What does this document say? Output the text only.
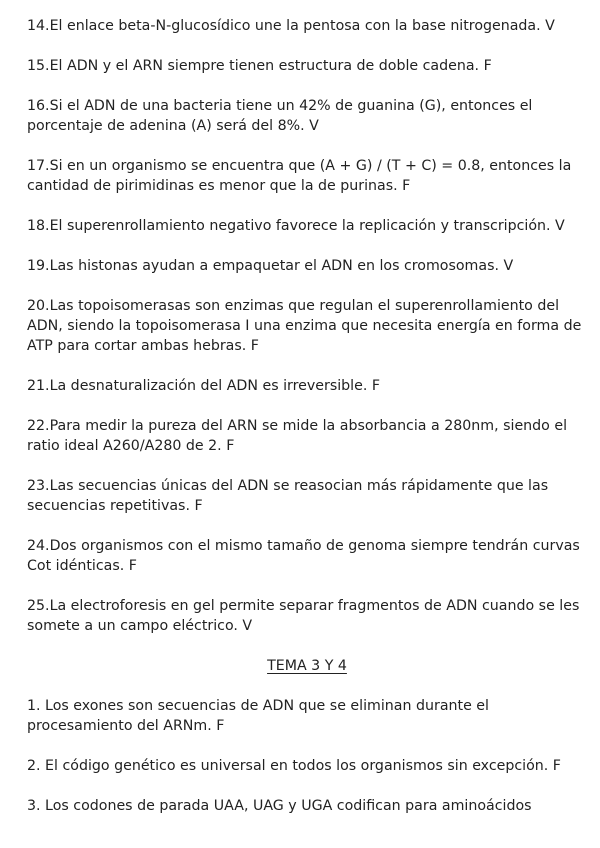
14.El enlace beta-N-glucosídico une la pentosa con la base nitrogenada. V

15.El ADN y el ARN siempre tienen estructura de doble cadena. F

16.Si el ADN de una bacteria tiene un 42% de guanina (G), entonces el porcentaje de adenina (A) será del 8%. V

17.Si en un organismo se encuentra que (A + G) / (T + C) = 0.8, entonces la cantidad de pirimidinas es menor que la de purinas. F

18.El superenrollamiento negativo favorece la replicación y transcripción. V

19.Las histonas ayudan a empaquetar el ADN en los cromosomas. V

20.Las topoisomerasas son enzimas que regulan el superenrollamiento del ADN, siendo la topoisomerasa I una enzima que necesita energía en forma de ATP para cortar ambas hebras. F

21.La desnaturalización del ADN es irreversible. F

22.Para medir la pureza del ARN se mide la absorbancia a 280nm, siendo el ratio ideal A260/A280 de 2. F

23.Las secuencias únicas del ADN se reasocian más rápidamente que las secuencias repetitivas. F

24.Dos organismos con el mismo tamaño de genoma siempre tendrán curvas Cot idénticas. F

25.La electroforesis en gel permite separar fragmentos de ADN cuando se les somete a un campo eléctrico. V

TEMA 3 Y 4

1. Los exones son secuencias de ADN que se eliminan durante el procesamiento del ARNm. F

2. El código genético es universal en todos los organismos sin excepción. F

3. Los codones de parada UAA, UAG y UGA codifican para aminoácidos
